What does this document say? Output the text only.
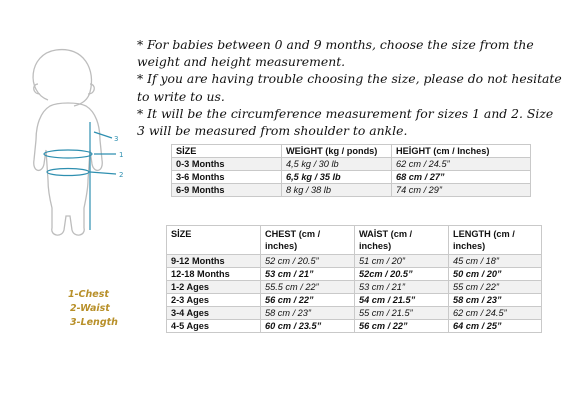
3
1
2
* For babies between 0 and 9 months, choose the size from the weight and height measurement.
* If you are having trouble choosing the size, please do not hesitate to write to us.
* It will be the circumference measurement for sizes 1 and 2. Size 3 will be measured from shoulder to ankle.
SİZE	WEİGHT (kg / ponds)	HEİGHT (cm / Inches)
0-3 Months	4,5 kg / 30 lb	62 cm / 24.5”
3-6 Months	6,5 kg / 35 lb	68 cm / 27”
6-9 Months	8 kg / 38 lb	74 cm / 29”
SİZE	CHEST (cm / inches)	WAİST (cm / inches)	LENGTH (cm / inches)
9-12 Months	52 cm / 20.5”	51 cm / 20”	45 cm / 18”
12-18 Months	53 cm / 21”	52cm / 20.5”	50 cm / 20”
1-2 Ages	55.5 cm / 22”	53 cm / 21”	55 cm / 22”
2-3 Ages	56 cm / 22”	54 cm / 21.5”	58 cm / 23”
3-4 Ages	58 cm / 23”	55 cm / 21.5”	62 cm / 24.5”
4-5 Ages	60 cm / 23.5”	56 cm / 22”	64 cm / 25”
1-Chest
2-Waist
3-Length
